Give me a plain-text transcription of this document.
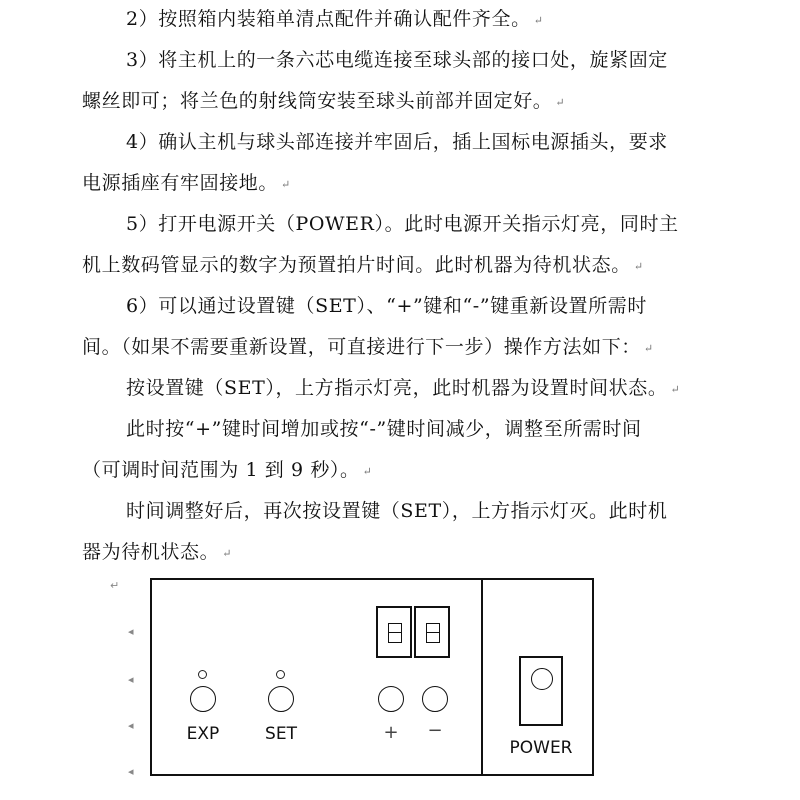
2）按照箱内装箱单清点配件并确认配件齐全。 ↵
3）将主机上的一条六芯电缆连接至球头部的接口处，旋紧固定
螺丝即可；将兰色的射线筒安装至球头前部并固定好。 ↵
4）确认主机与球头部连接并牢固后，插上国标电源插头，要求
电源插座有牢固接地。 ↵
5）打开电源开关（POWER）。此时电源开关指示灯亮，同时主
机上数码管显示的数字为预置拍片时间。此时机器为待机状态。 ↵
6）可以通过设置键（SET）、“+”键和“-”键重新设置所需时
间。（如果不需要重新设置，可直接进行下一步）操作方法如下： ↵
按设置键（SET），上方指示灯亮，此时机器为设置时间状态。 ↵
此时按“+”键时间增加或按“-”键时间减少，调整至所需时间
（可调时间范围为 1 到 9 秒）。 ↵
时间调整好后，再次按设置键（SET），上方指示灯灭。此时机
器为待机状态。 ↵
↵
◂
◂
◂
◂
EXP	SET	+	−
POWER
